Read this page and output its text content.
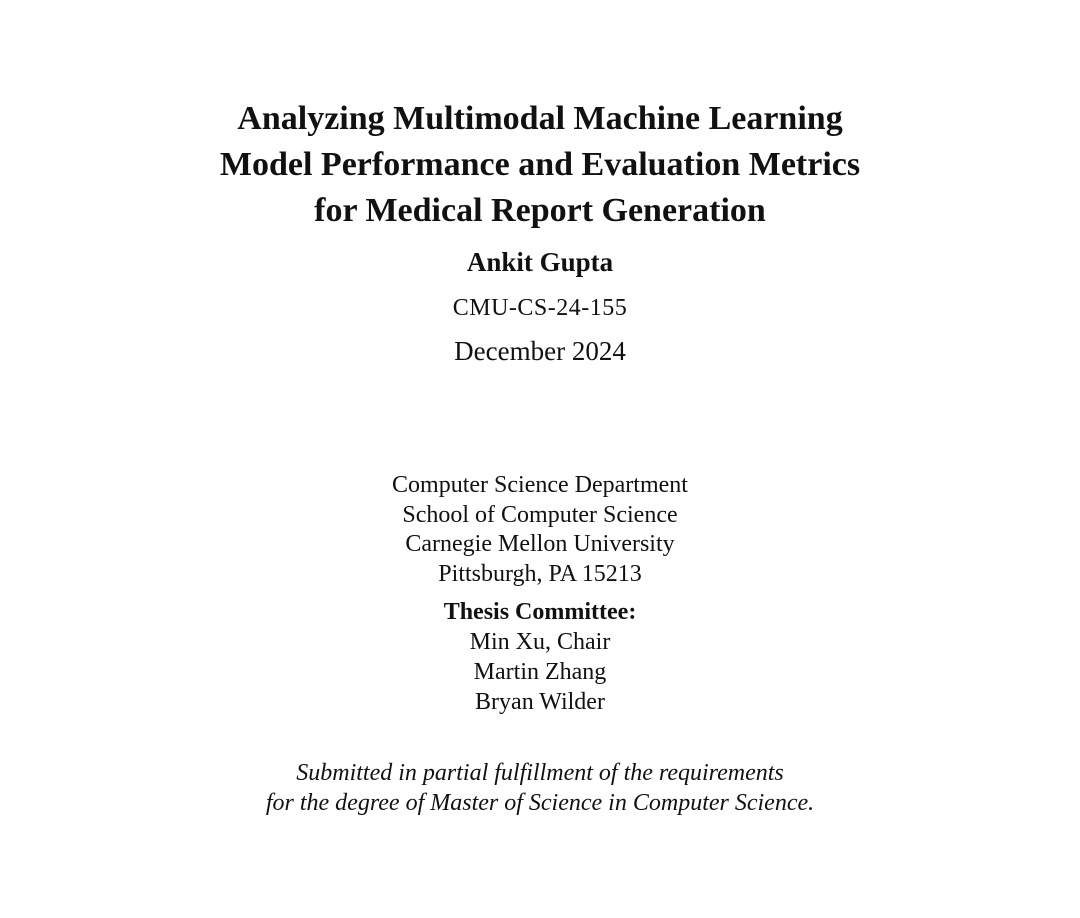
Analyzing Multimodal Machine Learning
Model Performance and Evaluation Metrics
for Medical Report Generation
Ankit Gupta
CMU-CS-24-155
December 2024
Computer Science Department
School of Computer Science
Carnegie Mellon University
Pittsburgh, PA 15213
Thesis Committee:
Min Xu, Chair
Martin Zhang
Bryan Wilder
Submitted in partial fulfillment of the requirements
for the degree of Master of Science in Computer Science.
